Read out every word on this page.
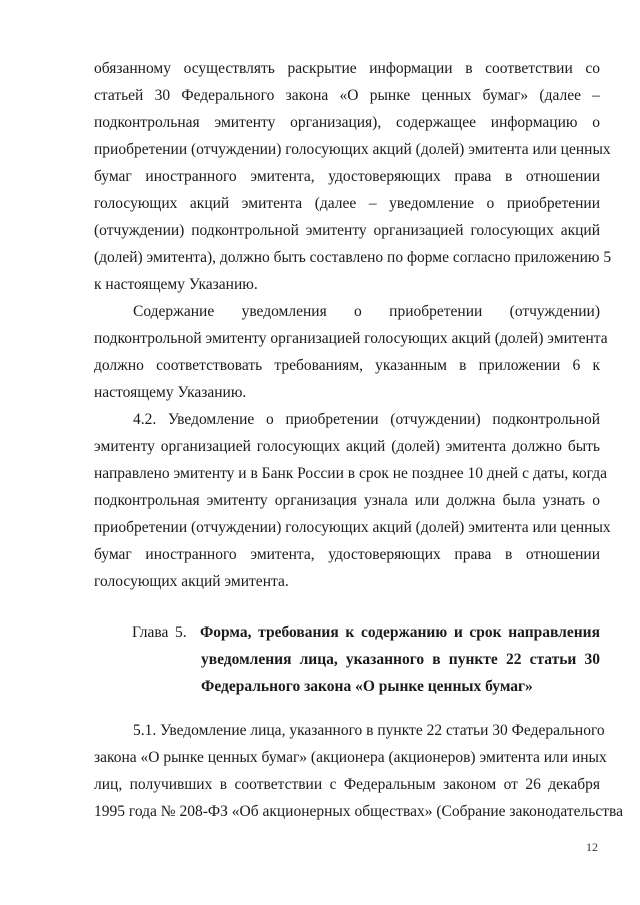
обязанному осуществлять раскрытие информации в соответствии со
статьей 30 Федерального закона «О рынке ценных бумаг» (далее –
подконтрольная эмитенту организация), содержащее информацию о
приобретении (отчуждении) голосующих акций (долей) эмитента или ценных
бумаг иностранного эмитента, удостоверяющих права в отношении
голосующих акций эмитента (далее – уведомление о приобретении
(отчуждении) подконтрольной эмитенту организацией голосующих акций
(долей) эмитента), должно быть составлено по форме согласно приложению 5
к настоящему Указанию.
Содержание уведомления о приобретении (отчуждении)
подконтрольной эмитенту организацией голосующих акций (долей) эмитента
должно соответствовать требованиям, указанным в приложении 6 к
настоящему Указанию.
4.2. Уведомление о приобретении (отчуждении) подконтрольной
эмитенту организацией голосующих акций (долей) эмитента должно быть
направлено эмитенту и в Банк России в срок не позднее 10 дней с даты, когда
подконтрольная эмитенту организация узнала или должна была узнать о
приобретении (отчуждении) голосующих акций (долей) эмитента или ценных
бумаг иностранного эмитента, удостоверяющих права в отношении
голосующих акций эмитента.
Глава 5. Форма, требования к содержанию и срок направления
уведомления лица, указанного в пункте 22 статьи 30
Федерального закона «О рынке ценных бумаг»
5.1. Уведомление лица, указанного в пункте 22 статьи 30 Федерального
закона «О рынке ценных бумаг» (акционера (акционеров) эмитента или иных
лиц, получивших в соответствии с Федеральным законом от 26 декабря
1995 года № 208-ФЗ «Об акционерных обществах» (Собрание законодательства
12
